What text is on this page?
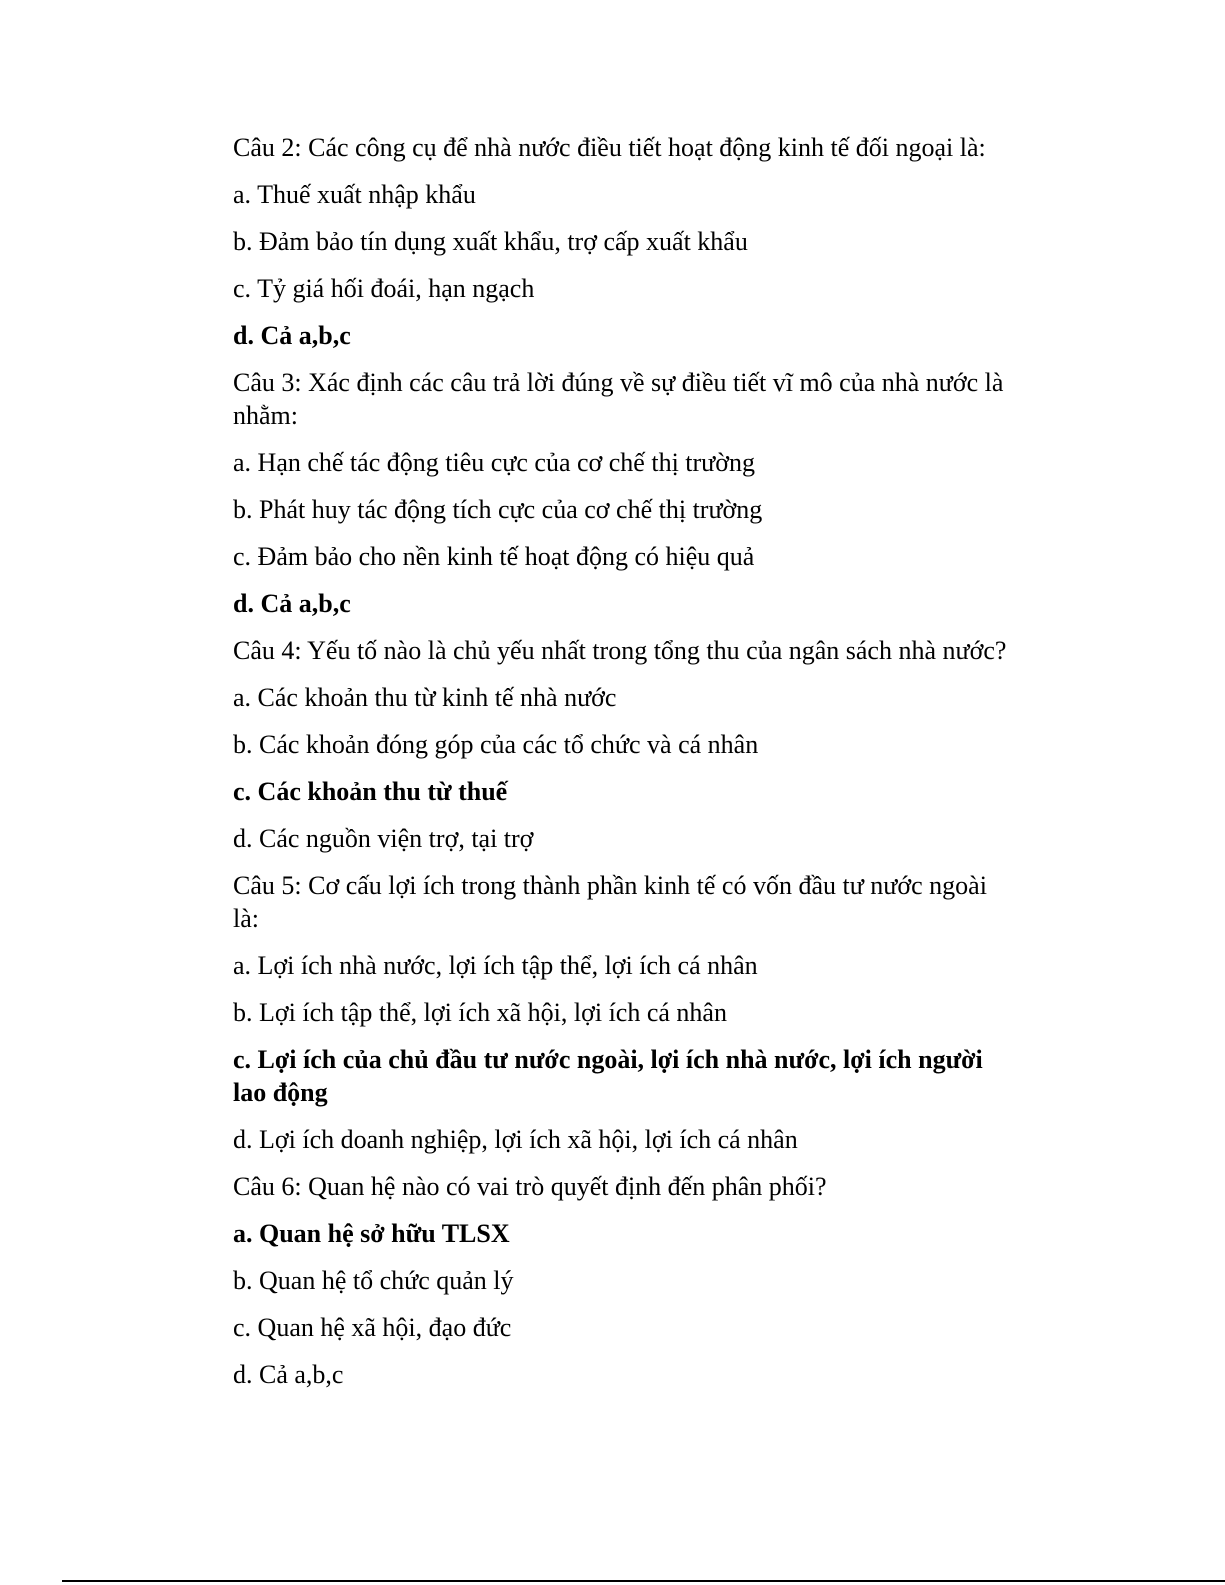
Câu 2: Các công cụ để nhà nước điều tiết hoạt động kinh tế đối ngoại là:

a. Thuế xuất nhập khẩu

b. Đảm bảo tín dụng xuất khẩu, trợ cấp xuất khẩu

c. Tỷ giá hối đoái, hạn ngạch

d. Cả a,b,c

Câu 3: Xác định các câu trả lời đúng về sự điều tiết vĩ mô của nhà nước là nhằm:

a. Hạn chế tác động tiêu cực của cơ chế thị trường

b. Phát huy tác động tích cực của cơ chế thị trường

c. Đảm bảo cho nền kinh tế hoạt động có hiệu quả

d. Cả a,b,c

Câu 4: Yếu tố nào là chủ yếu nhất trong tổng thu của ngân sách nhà nước?

a. Các khoản thu từ kinh tế nhà nước

b. Các khoản đóng góp của các tổ chức và cá nhân

c. Các khoản thu từ thuế

d. Các nguồn viện trợ, tại trợ

Câu 5: Cơ cấu lợi ích trong thành phần kinh tế có vốn đầu tư nước ngoài là:

a. Lợi ích nhà nước, lợi ích tập thể, lợi ích cá nhân

b. Lợi ích tập thể, lợi ích xã hội, lợi ích cá nhân

c. Lợi ích của chủ đầu tư nước ngoài, lợi ích nhà nước, lợi ích người lao động

d. Lợi ích doanh nghiệp, lợi ích xã hội, lợi ích cá nhân

Câu 6: Quan hệ nào có vai trò quyết định đến phân phối?

a. Quan hệ sở hữu TLSX

b. Quan hệ tổ chức quản lý

c. Quan hệ xã hội, đạo đức

d. Cả a,b,c
